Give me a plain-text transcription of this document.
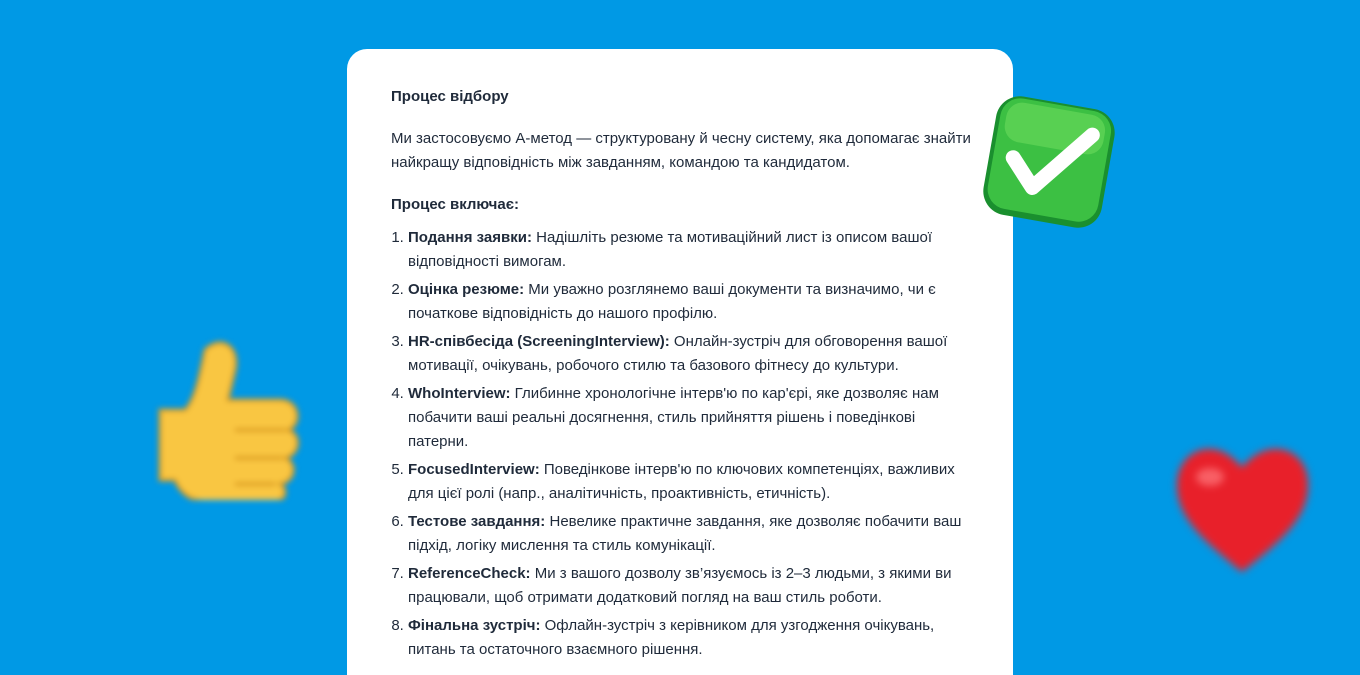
Процес відбору
Ми застосовуємо А-метод — структуровану й чесну систему, яка допомагає знайти найкращу відповідність між завданням, командою та кандидатом.
Процес включає:
1. Подання заявки: Надішліть резюме та мотиваційний лист із описом вашої відповідності вимогам.
2. Оцінка резюме: Ми уважно розглянемо ваші документи та визначимо, чи є початкове відповідність до нашого профілю.
3. HR-співбесіда (ScreeningInterview): Онлайн-зустріч для обговорення вашої мотивації, очікувань, робочого стилю та базового фітнесу до культури.
4. WhoInterview: Глибинне хронологічне інтерв'ю по кар'єрі, яке дозволяє нам побачити ваші реальні досягнення, стиль прийняття рішень і поведінкові патерни.
5. FocusedInterview: Поведінкове інтерв'ю по ключових компетенціях, важливих для цієї ролі (напр., аналітичність, проактивність, етичність).
6. Тестове завдання: Невелике практичне завдання, яке дозволяє побачити ваш підхід, логіку мислення та стиль комунікації.
7. ReferenceCheck: Ми з вашого дозволу зв’язуємось із 2–3 людьми, з якими ви працювали, щоб отримати додатковий погляд на ваш стиль роботи.
8. Фінальна зустріч: Офлайн-зустріч з керівником для узгодження очікувань, питань та остаточного взаємного рішення.
